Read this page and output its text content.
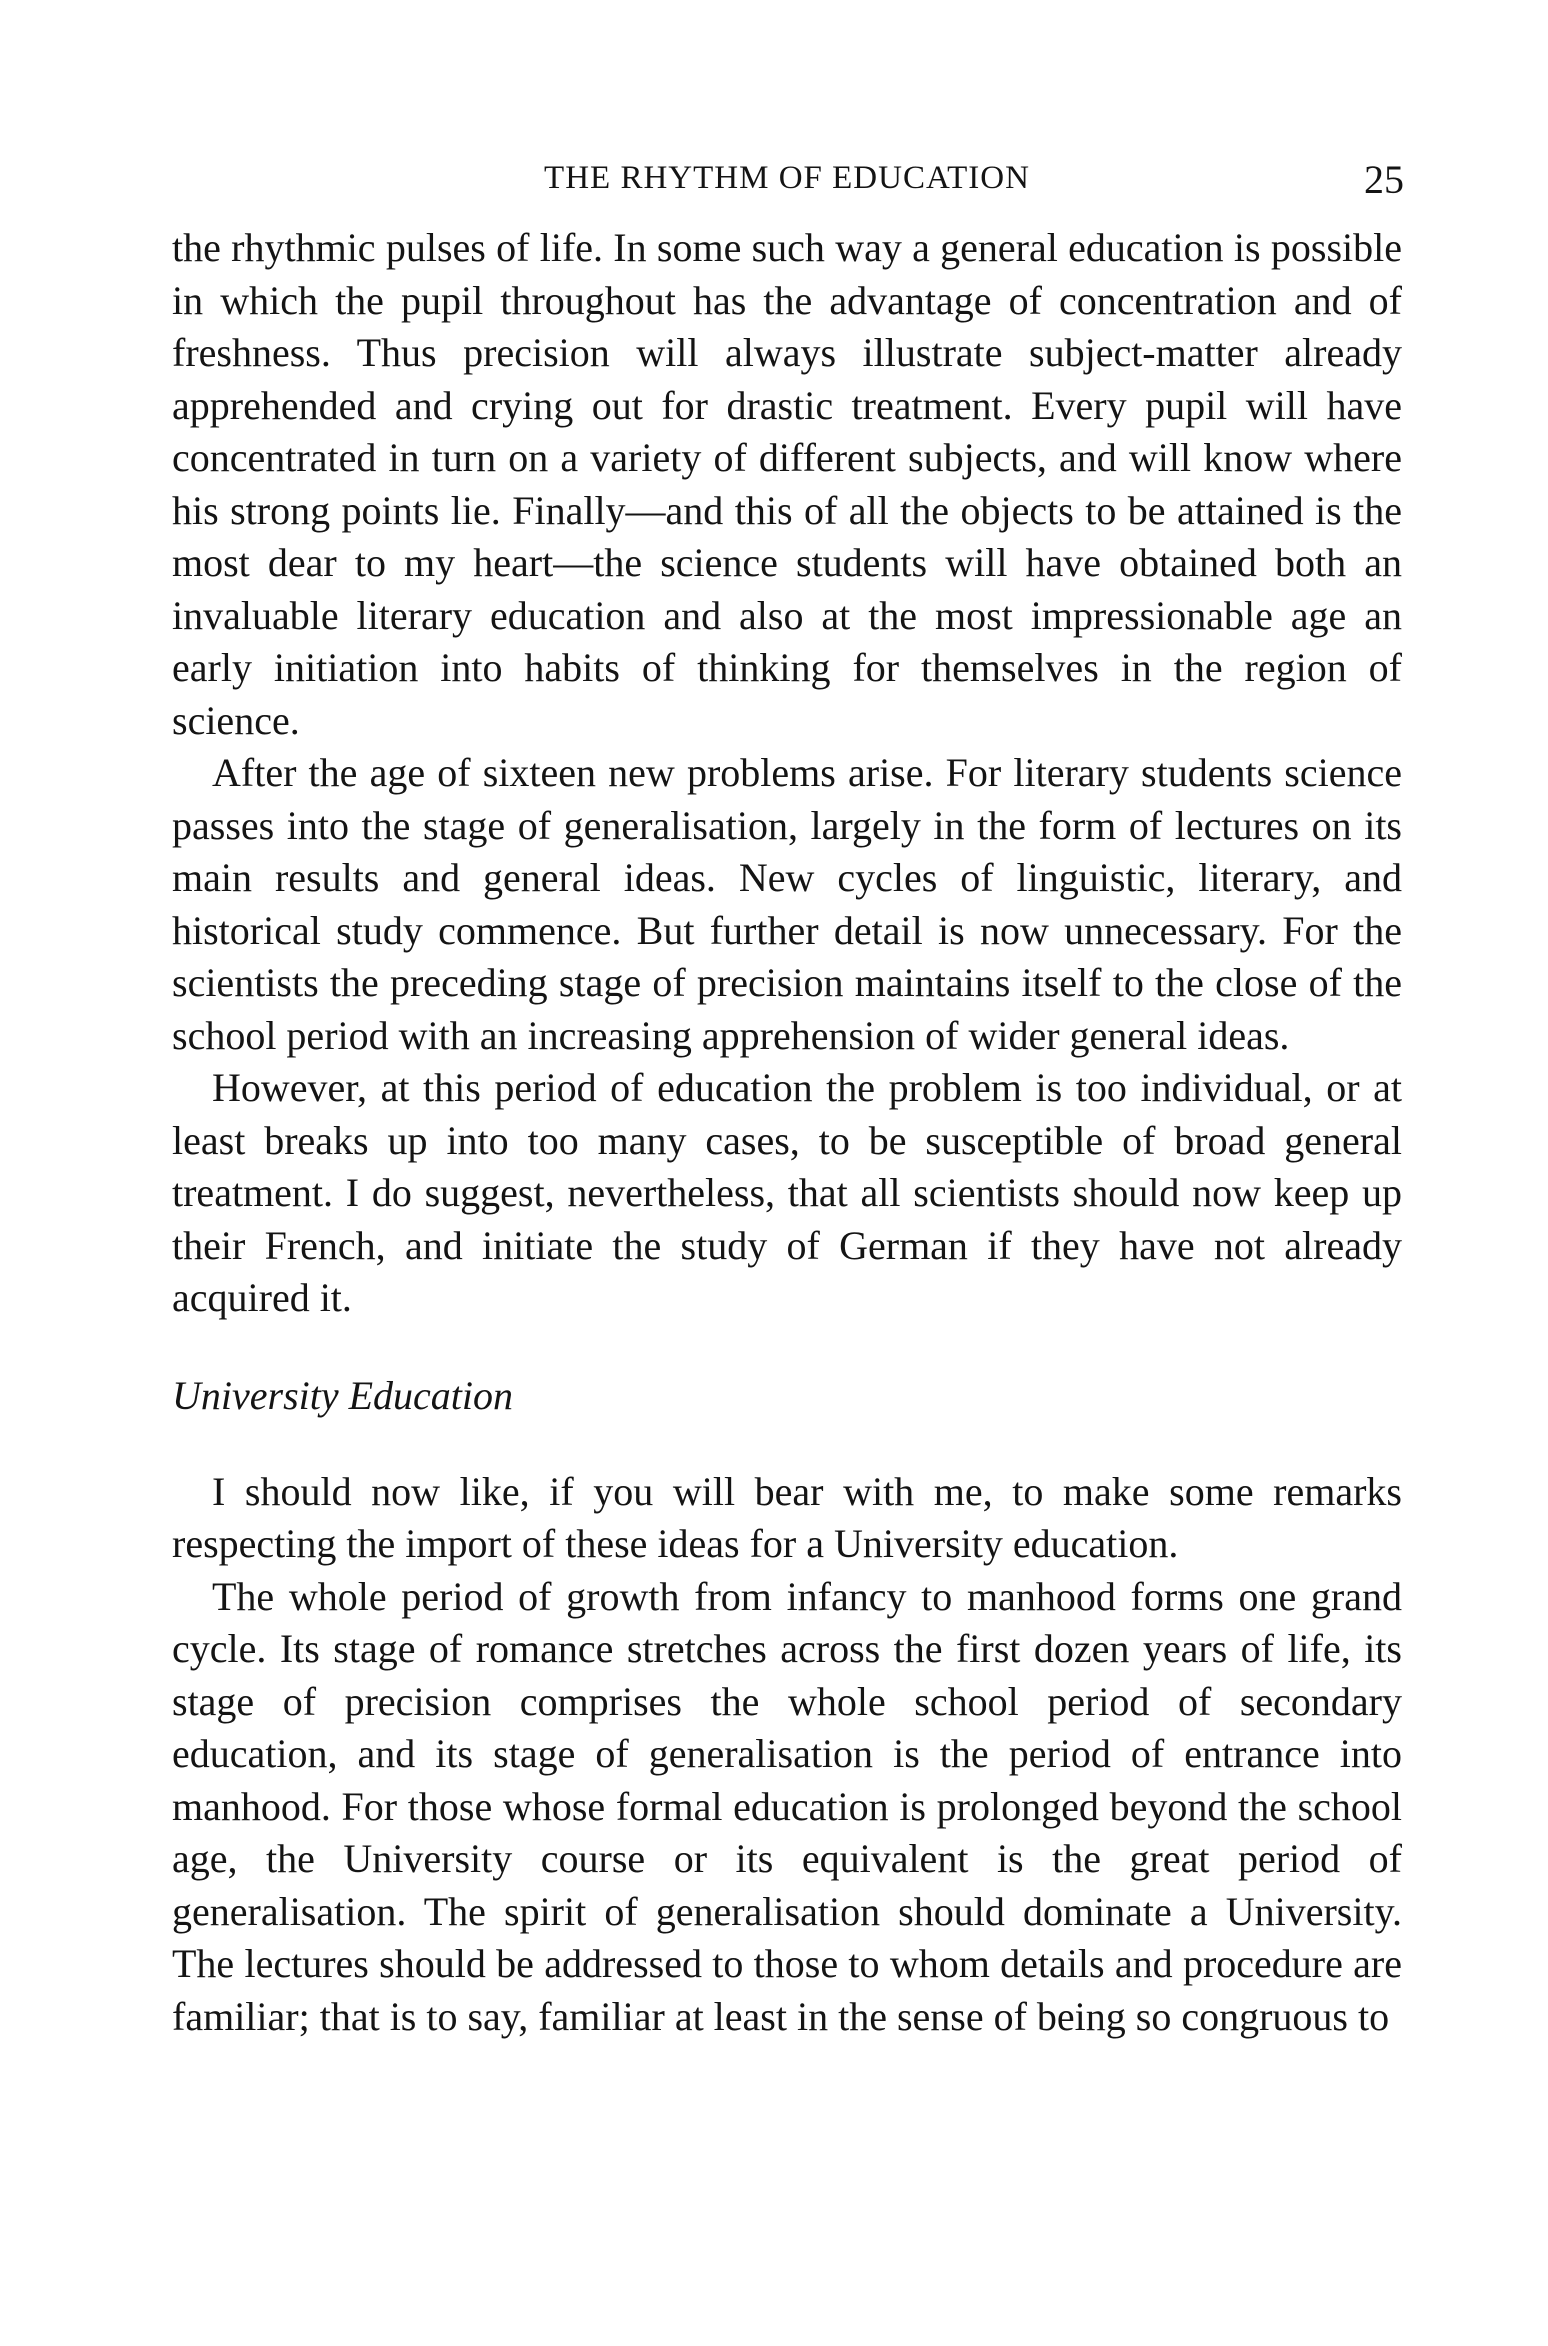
THE RHYTHM OF EDUCATION	25

the rhythmic pulses of life. In some such way a general education is possible in which the pupil throughout has the advantage of concentration and of freshness. Thus precision will always illustrate subject-matter already apprehended and crying out for drastic treatment. Every pupil will have concentrated in turn on a variety of different subjects, and will know where his strong points lie. Finally—and this of all the objects to be attained is the most dear to my heart—the science students will have obtained both an invaluable literary education and also at the most impressionable age an early initiation into habits of thinking for themselves in the region of science.

After the age of sixteen new problems arise. For literary students science passes into the stage of generalisation, largely in the form of lectures on its main results and general ideas. New cycles of linguistic, literary, and historical study commence. But further detail is now unnecessary. For the scientists the preceding stage of precision maintains itself to the close of the school period with an increasing apprehension of wider general ideas.

However, at this period of education the problem is too individual, or at least breaks up into too many cases, to be susceptible of broad general treatment. I do suggest, nevertheless, that all scientists should now keep up their French, and initiate the study of German if they have not already acquired it.

University Education

I should now like, if you will bear with me, to make some remarks respecting the import of these ideas for a University education.

The whole period of growth from infancy to manhood forms one grand cycle. Its stage of romance stretches across the first dozen years of life, its stage of precision comprises the whole school period of secondary education, and its stage of generalisation is the period of entrance into manhood. For those whose formal education is prolonged beyond the school age, the University course or its equivalent is the great period of generalisation. The spirit of generalisation should dominate a University. The lectures should be addressed to those to whom details and procedure are familiar; that is to say, familiar at least in the sense of being so congruous to
